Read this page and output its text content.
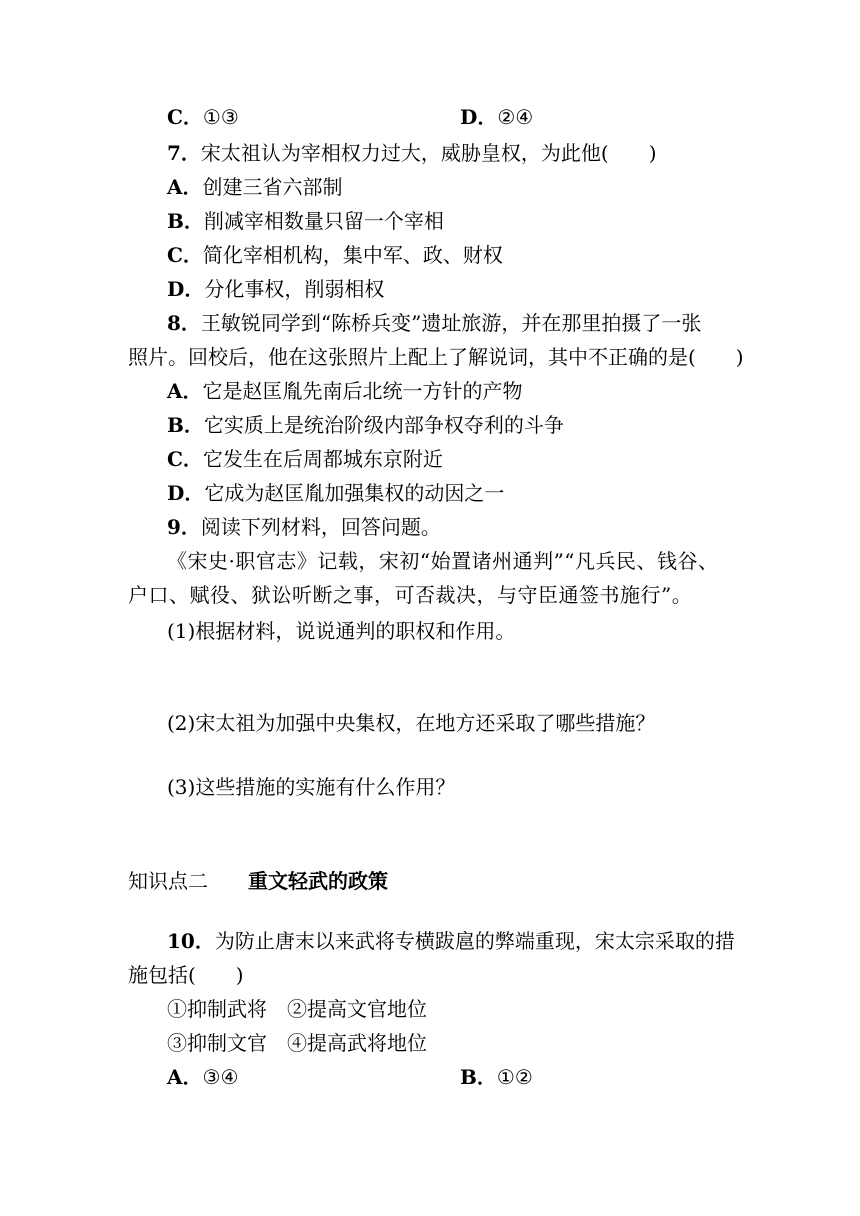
C．①③	D．②④
7．宋太祖认为宰相权力过大，威胁皇权，为此他(　　)
A．创建三省六部制
B．削减宰相数量只留一个宰相
C．简化宰相机构，集中军、政、财权
D．分化事权，削弱相权
8．王敏锐同学到“陈桥兵变”遗址旅游，并在那里拍摄了一张
照片。回校后，他在这张照片上配上了解说词，其中不正确的是(　　)
A．它是赵匡胤先南后北统一方针的产物
B．它实质上是统治阶级内部争权夺利的斗争
C．它发生在后周都城东京附近
D．它成为赵匡胤加强集权的动因之一
9．阅读下列材料，回答问题。
《宋史·职官志》记载，宋初“始置诸州通判”“凡兵民、钱谷、
户口、赋役、狱讼听断之事，可否裁决，与守臣通签书施行”。
(1)根据材料，说说通判的职权和作用。
(2)宋太祖为加强中央集权，在地方还采取了哪些措施？
(3)这些措施的实施有什么作用？
知识点二 重文轻武的政策
10．为防止唐末以来武将专横跋扈的弊端重现，宋太宗采取的措
施包括(　　)
①抑制武将　②提高文官地位
③抑制文官　④提高武将地位
A．③④	B．①②
